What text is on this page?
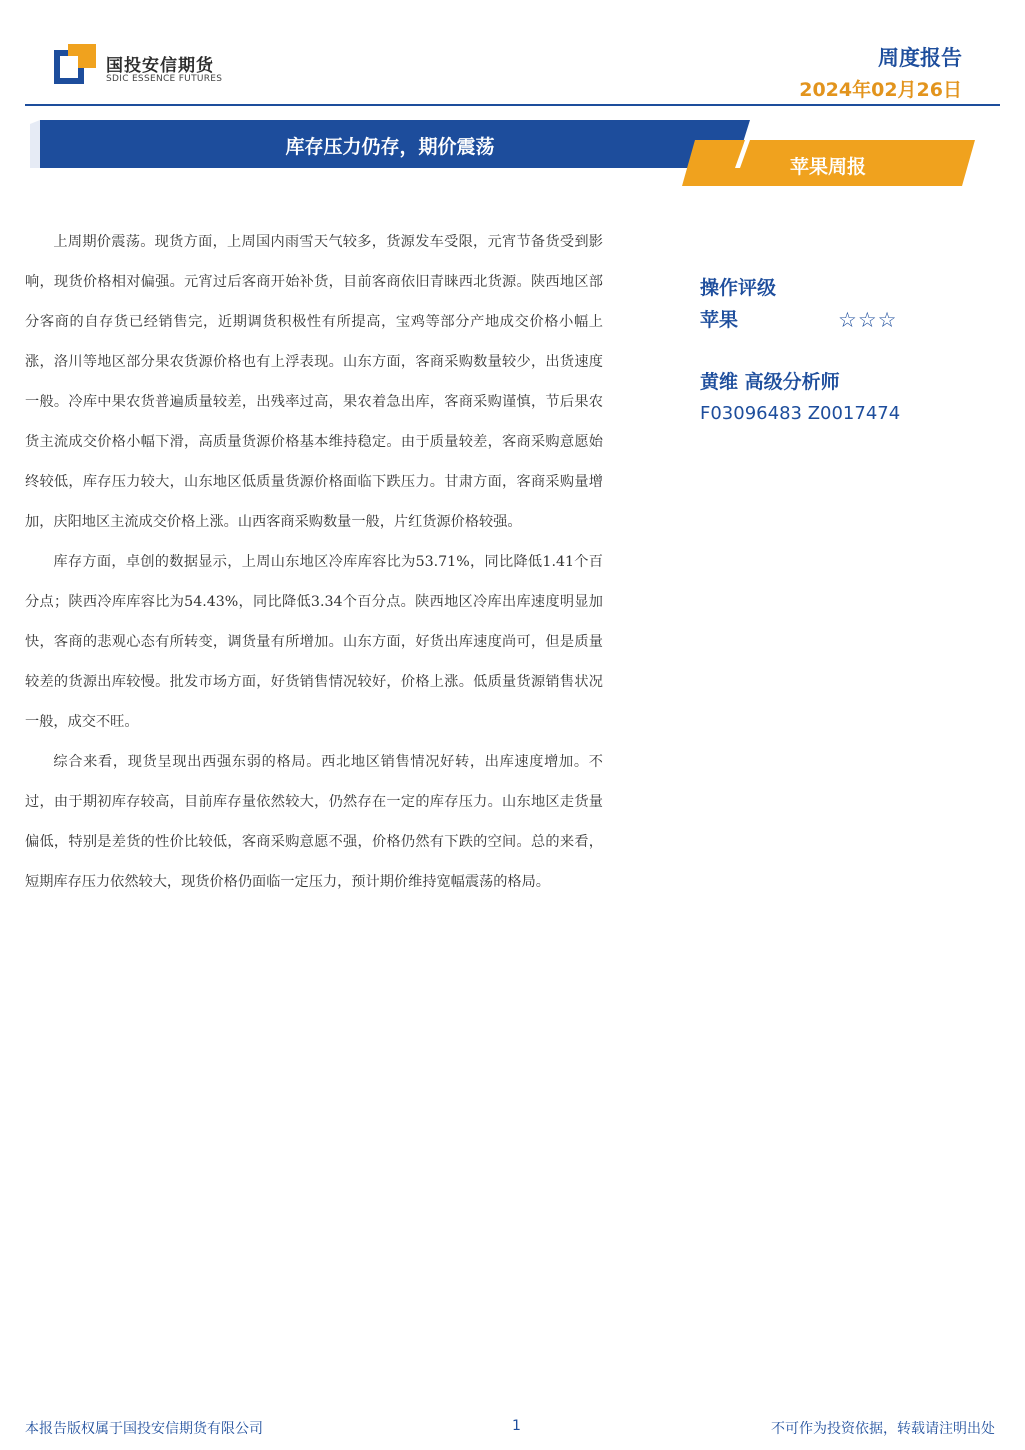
国投安信期货
SDIC ESSENCE FUTURES
周度报告
2024年02月26日
库存压力仍存，期价震荡
苹果周报

上周期价震荡。现货方面，上周国内雨雪天气较多，货源发车受限，元宵节备货受到影响，现货价格相对偏强。元宵过后客商开始补货，目前客商依旧青睐西北货源。陕西地区部分客商的自存货已经销售完，近期调货积极性有所提高，宝鸡等部分产地成交价格小幅上涨，洛川等地区部分果农货源价格也有上浮表现。山东方面，客商采购数量较少，出货速度一般。冷库中果农货普遍质量较差，出残率过高，果农着急出库，客商采购谨慎，节后果农货主流成交价格小幅下滑，高质量货源价格基本维持稳定。由于质量较差，客商采购意愿始终较低，库存压力较大，山东地区低质量货源价格面临下跌压力。甘肃方面，客商采购量增加，庆阳地区主流成交价格上涨。山西客商采购数量一般，片红货源价格较强。

库存方面，卓创的数据显示，上周山东地区冷库库容比为53.71%，同比降低1.41个百分点；陕西冷库库容比为54.43%，同比降低3.34个百分点。陕西地区冷库出库速度明显加快，客商的悲观心态有所转变，调货量有所增加。山东方面，好货出库速度尚可，但是质量较差的货源出库较慢。批发市场方面，好货销售情况较好，价格上涨。低质量货源销售状况一般，成交不旺。

综合来看，现货呈现出西强东弱的格局。西北地区销售情况好转，出库速度增加。不过，由于期初库存较高，目前库存量依然较大，仍然存在一定的库存压力。山东地区走货量偏低，特别是差货的性价比较低，客商采购意愿不强，价格仍然有下跌的空间。总的来看，短期库存压力依然较大，现货价格仍面临一定压力，预计期价维持宽幅震荡的格局。

操作评级
苹果	☆☆☆
黄维 高级分析师
F03096483 Z0017474
本报告版权属于国投安信期货有限公司	1	不可作为投资依据，转载请注明出处
